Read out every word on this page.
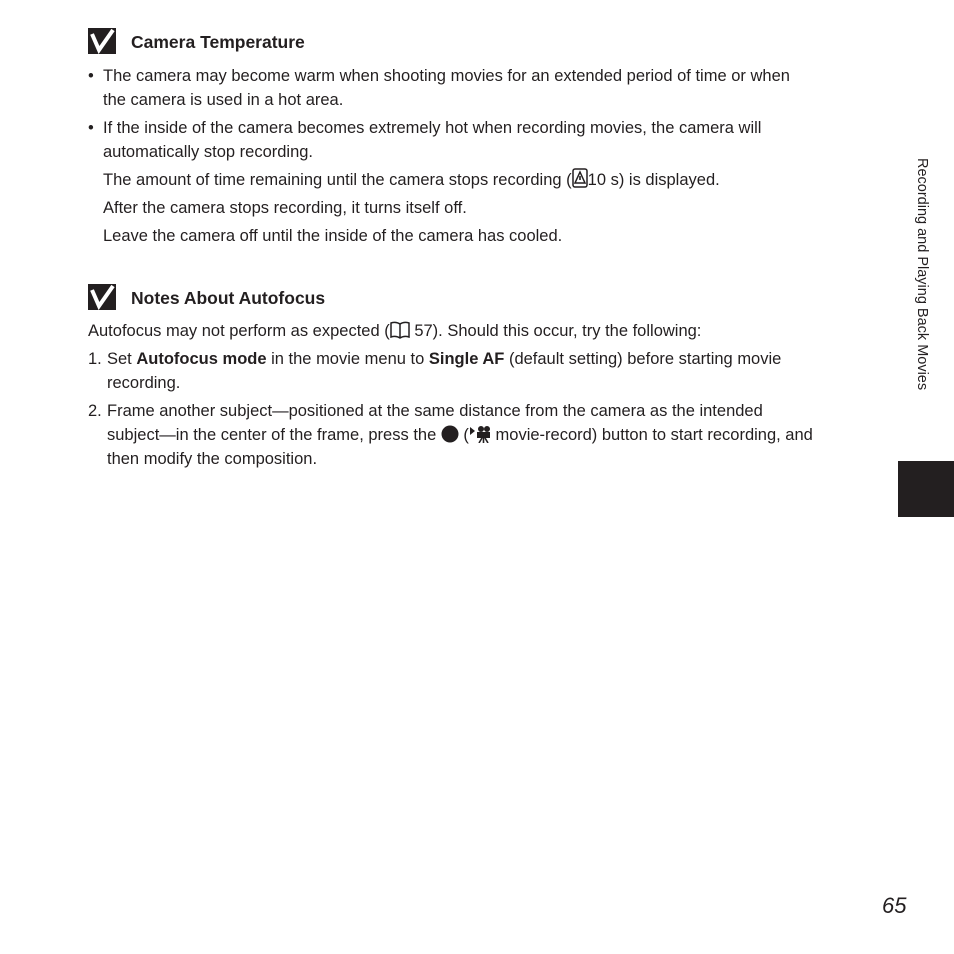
Camera Temperature
• The camera may become warm when shooting movies for an extended period of time or when
the camera is used in a hot area.
• If the inside of the camera becomes extremely hot when recording movies, the camera will
automatically stop recording.
The amount of time remaining until the camera stops recording ( 10 s) is displayed.
After the camera stops recording, it turns itself off.
Leave the camera off until the inside of the camera has cooled.
Notes About Autofocus
Autofocus may not perform as expected ( 57). Should this occur, try the following:
1. Set Autofocus mode in the movie menu to Single AF (default setting) before starting movie
recording.
2. Frame another subject—positioned at the same distance from the camera as the intended
subject—in the center of the frame, press the  ( movie-record) button to start recording, and
then modify the composition.
Recording and Playing Back Movies
65
